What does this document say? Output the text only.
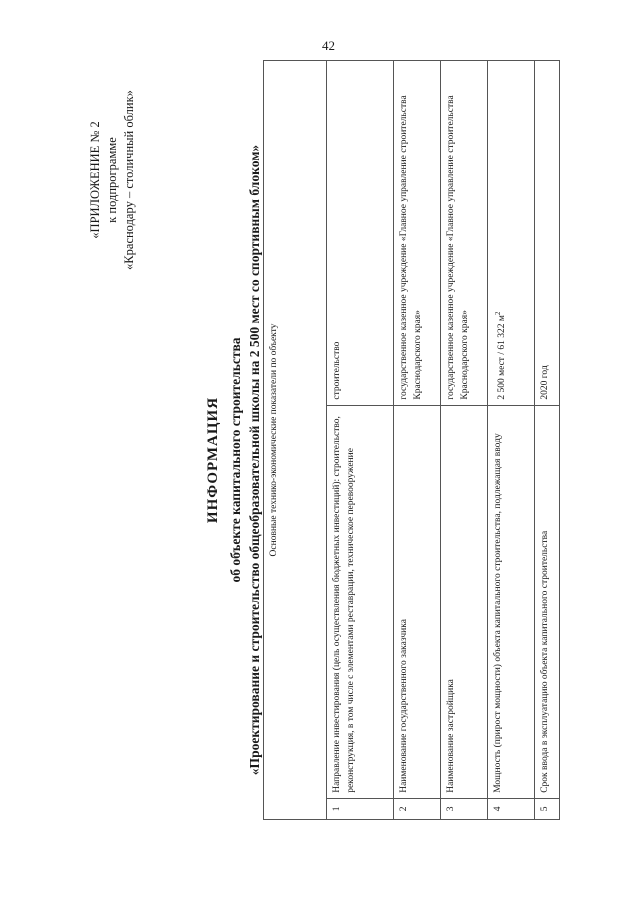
42
«ПРИЛОЖЕНИЕ № 2 к подпрограмме «Краснодару – столичный облик»
ИНФОРМАЦИЯ об объекте капитального строительства «Проектирование и строительство общеобразовательной школы на 2 500 мест со спортивным блоком» Основные технико-экономические показатели по объекту		
1	Направление инвестирования (цель осуществления бюджетных инвестиций): строительство, реконструкция, в том числе с элементами реставрации, техническое перевооружение	строительство
2	Наименование государственного заказчика	государственное казенное учреждение «Главное управление строительства Краснодарского края»
3	Наименование застройщика	государственное казенное учреждение «Главное управление строительства Краснодарского края»
4	Мощность (прирост мощности) объекта капитального строительства, подлежащая вводу	2 500 мест / 61 322 $м^2$
5	Срок ввода в эксплуатацию объекта капитального строительства	2020 год
